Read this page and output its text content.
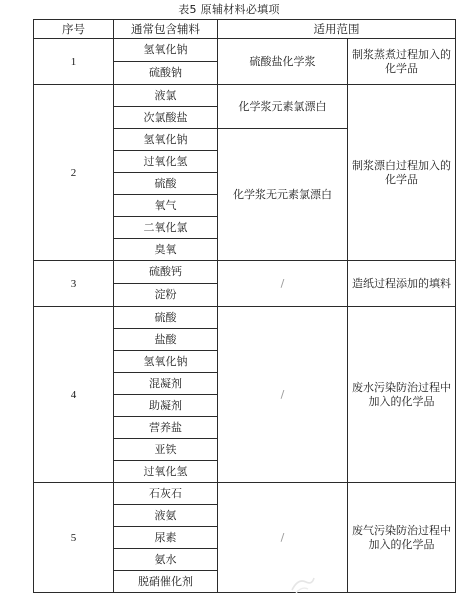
表5 原辅材料必填项
序号	通常包含辅料	适用范围	
1	氢氧化钠	硫酸盐化学浆	制浆蒸煮过程加入的化学品
	硫酸钠		
2	液氯	化学浆元素氯漂白	制浆漂白过程加入的化学品
	次氯酸盐		
	氢氧化钠	化学浆无元素氯漂白	
	过氧化氢		
	硫酸		
	氧气		
	二氧化氯		
	臭氧		
3	硫酸钙	/	造纸过程添加的填料
	淀粉		
4	硫酸	/	废水污染防治过程中加入的化学品
	盐酸		
	氢氧化钠		
	混凝剂		
	助凝剂		
	营养盐		
	亚铁		
	过氧化氢		
5	石灰石	/	废气污染防治过程中加入的化学品
	液氨		
	尿素		
	氨水		
	脱硝催化剂		
